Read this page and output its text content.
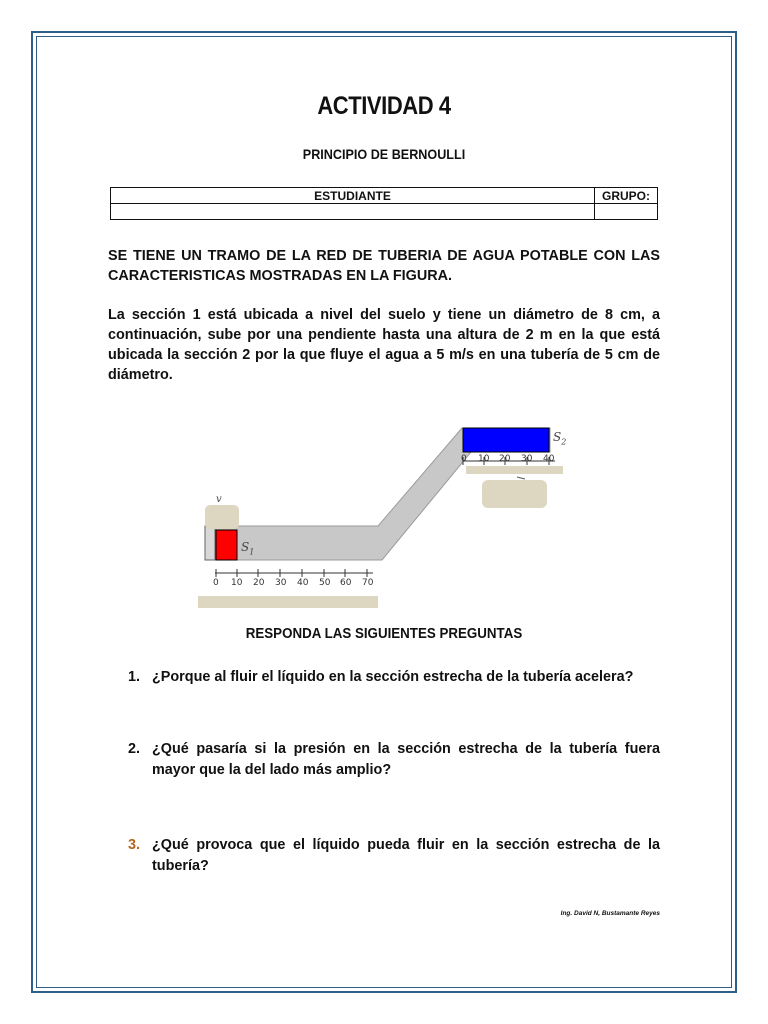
ACTIVIDAD 4
PRINCIPIO DE BERNOULLI
ESTUDIANTE	GRUPO:

SE TIENE UN TRAMO DE LA RED DE TUBERIA DE AGUA POTABLE CON LAS CARACTERISTICAS MOSTRADAS EN LA FIGURA.

La sección 1 está ubicada a nivel del suelo y tiene un diámetro de 8 cm, a continuación, sube por una pendiente hasta una altura de 2 m en la que está ubicada la sección 2 por la que fluye el agua a 5 m/s en una tubería de 5 cm de diámetro.

v
$S_1$
$S_2$
0 10 20 30 40 50 60 70
0 10 20 30 40
RESPONDA LAS SIGUIENTES PREGUNTAS
1. ¿Porque al fluir el líquido en la sección estrecha de la tubería acelera?
2. ¿Qué pasaría si la presión en la sección estrecha de la tubería fuera mayor que la del lado más amplio?
3. ¿Qué provoca que el líquido pueda fluir en la sección estrecha de la tubería?
Ing. David N, Bustamante Reyes
